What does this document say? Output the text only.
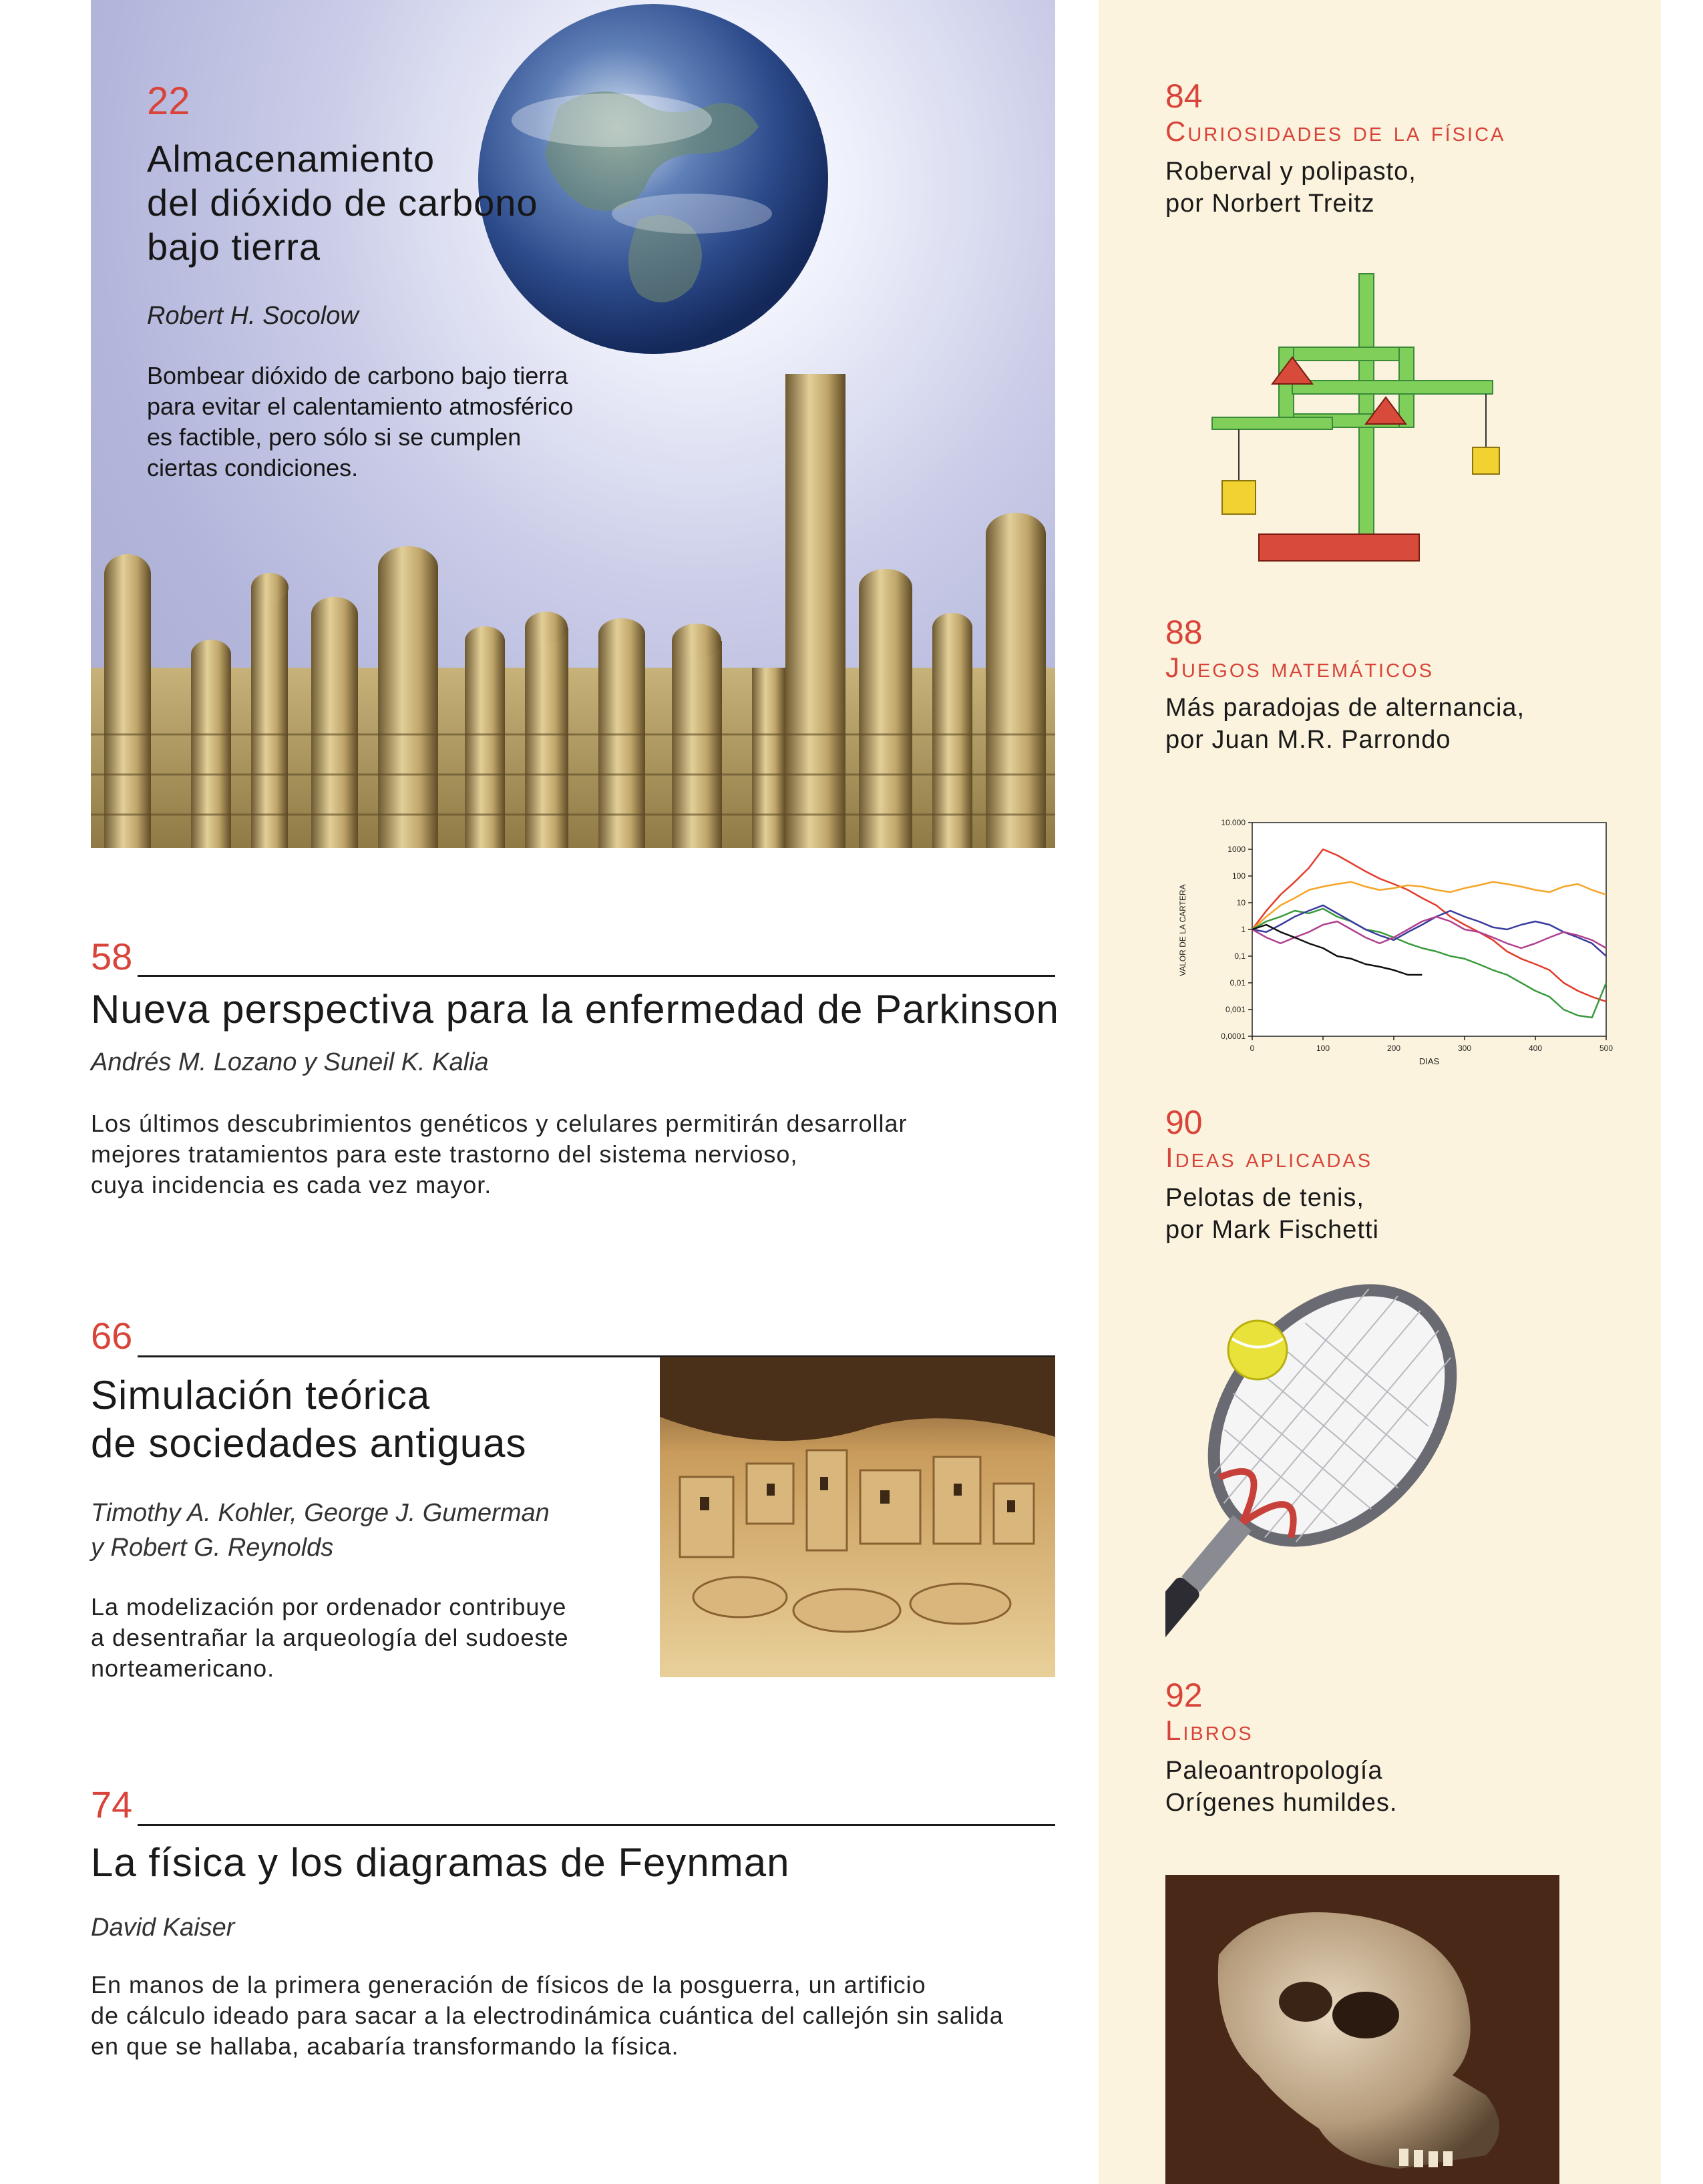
22
Almacenamiento
del dióxido de carbono
bajo tierra
Robert H. Socolow
Bombear dióxido de carbono bajo tierra
para evitar el calentamiento atmosférico
es factible, pero sólo si se cumplen
ciertas condiciones.
58
Nueva perspectiva para la enfermedad de Parkinson
Andrés M. Lozano y Suneil K. Kalia
Los últimos descubrimientos genéticos y celulares permitirán desarrollar
mejores tratamientos para este trastorno del sistema nervioso,
cuya incidencia es cada vez mayor.
66
Simulación teórica
de sociedades antiguas
Timothy A. Kohler, George J. Gumerman
y Robert G. Reynolds
La modelización por ordenador contribuye
a desentrañar la arqueología del sudoeste
norteamericano.
74
La física y los diagramas de Feynman
David Kaiser
En manos de la primera generación de físicos de la posguerra, un artificio
de cálculo ideado para sacar a la electrodinámica cuántica del callejón sin salida
en que se hallaba, acabaría transformando la física.
84
Curiosidades de la física
Roberval y polipasto,
por Norbert Treitz
88
Juegos matemáticos
Más paradojas de alternancia,
por Juan M.R. Parrondo
10.000
1000
100
10
1
0,1
0,01
0,001
0,0001
0	100	200	300	400	500
VALOR DE LA CARTERA
DIAS
90
Ideas aplicadas
Pelotas de tenis,
por Mark Fischetti
92
Libros
Paleoantropología
Orígenes humildes.
